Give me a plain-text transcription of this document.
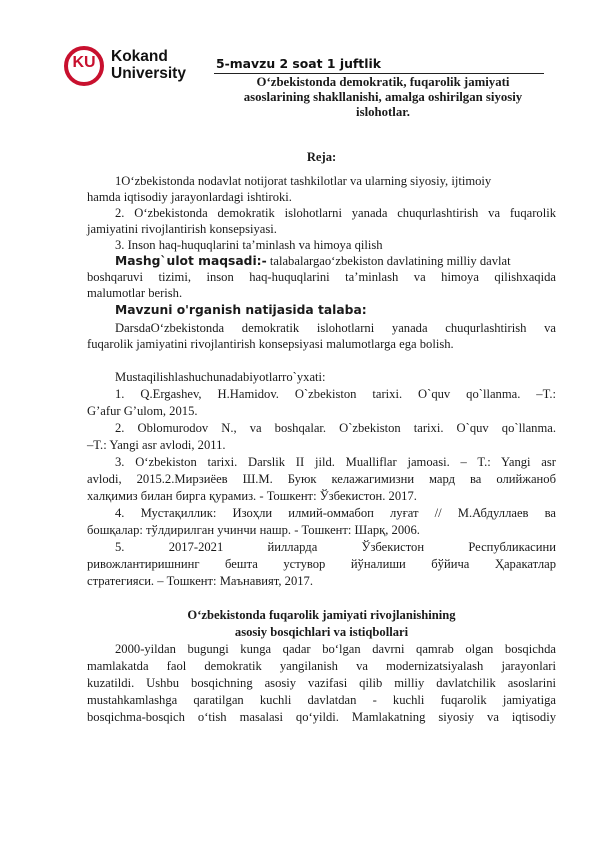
KU Kokand
University
5-mavzu 2 soat 1 juftlik
O‘zbekistonda demokratik, fuqarolik jamiyati
asoslarining shakllanishi, amalga oshirilgan siyosiy
islohotlar.
Reja:
1O‘zbekistonda nodavlat notijorat tashkilotlar va ularning siyosiy, ijtimoiy
hamda iqtisodiy jarayonlardagi ishtiroki.
2. O‘zbekistonda demokratik islohotlarni yanada chuqurlashtirish va fuqarolik
jamiyatini rivojlantirish konsepsiyasi.
3. Inson haq-huquqlarini ta’minlash va himoya qilish
Mashg`ulot maqsadi:- talabalargao‘zbekiston davlatining milliy davlat
boshqaruvi tizimi, inson haq-huquqlarini ta’minlash va himoya qilishxaqida
malumotlar berish.
Mavzuni o'rganish natijasida talaba:
DarsdaO‘zbekistonda demokratik islohotlarni yanada chuqurlashtirish va
fuqarolik jamiyatini rivojlantirish konsepsiyasi malumotlarga ega bolish.
Mustaqilishlashuchunadabiyotlarro`yxati:
1. Q.Ergashev, H.Hamidov. O`zbekiston tarixi. O`quv qo`llanma. –T.:
G’afur G’ulom, 2015.
2. Oblomurodov N., va boshqalar. O`zbekiston tarixi. O`quv qo`llanma.
–T.: Yangi asr avlodi, 2011.
3. O‘zbekiston tarixi. Darslik II jild. Mualliflar jamoasi. – T.: Yangi asr
avlodi, 2015.2.Мирзиёев Ш.М. Буюк келажагимизни мард ва олийжаноб
халқимиз билан бирга қурамиз. - Тошкент: Ўзбекистон. 2017.
4. Мустақиллик: Изоҳли илмий-оммабоп луғат // М.Абдуллаев ва
бошқалар: тўлдирилган учинчи нашр. - Тошкент: Шарқ, 2006.
5. 2017-2021 йилларда Ўзбекистон Республикасини
ривожлантиришнинг бешта устувор йўналиши бўйича Ҳаракатлар
стратегияси. – Тошкент: Маънавият, 2017.
O‘zbekistonda fuqarolik jamiyati rivojlanishining
asosiy bosqichlari va istiqbollari
2000-yildan bugungi kunga qadar bo‘lgan davrni qamrab olgan bosqichda
mamlakatda faol demokratik yangilanish va modernizatsiyalash jarayonlari
kuzatildi. Ushbu bosqichning asosiy vazifasi qilib milliy davlatchilik asoslarini
mustahkamlashga qaratilgan kuchli davlatdan - kuchli fuqarolik jamiyatiga
bosqichma-bosqich o‘tish masalasi qo‘yildi. Mamlakatning siyosiy va iqtisodiy
